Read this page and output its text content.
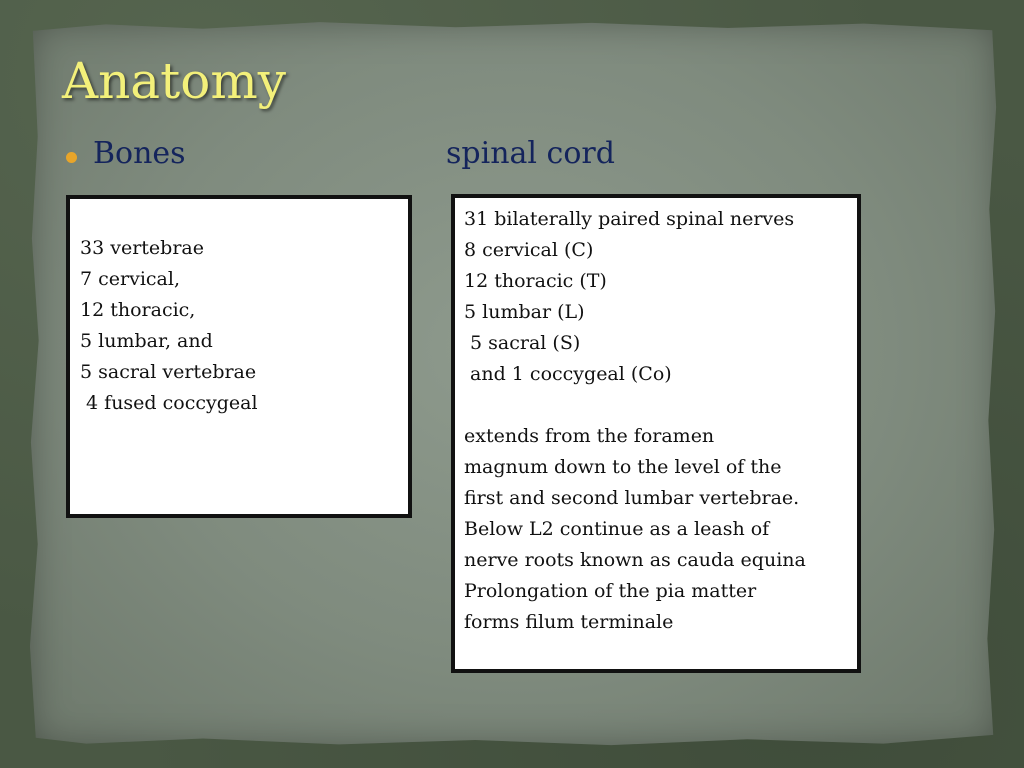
Anatomy
Bones	spinal cord
33 vertebrae
7 cervical,
12 thoracic,
5 lumbar, and
5 sacral vertebrae
4 fused coccygeal
31 bilaterally paired spinal nerves
8 cervical (C)
12 thoracic (T)
5 lumbar (L)
5 sacral (S)
and 1 coccygeal (Co)
extends from the foramen
magnum down to the level of the
first and second lumbar vertebrae.
Below L2 continue as a leash of
nerve roots known as cauda equina
Prolongation of the pia matter
forms filum terminale
